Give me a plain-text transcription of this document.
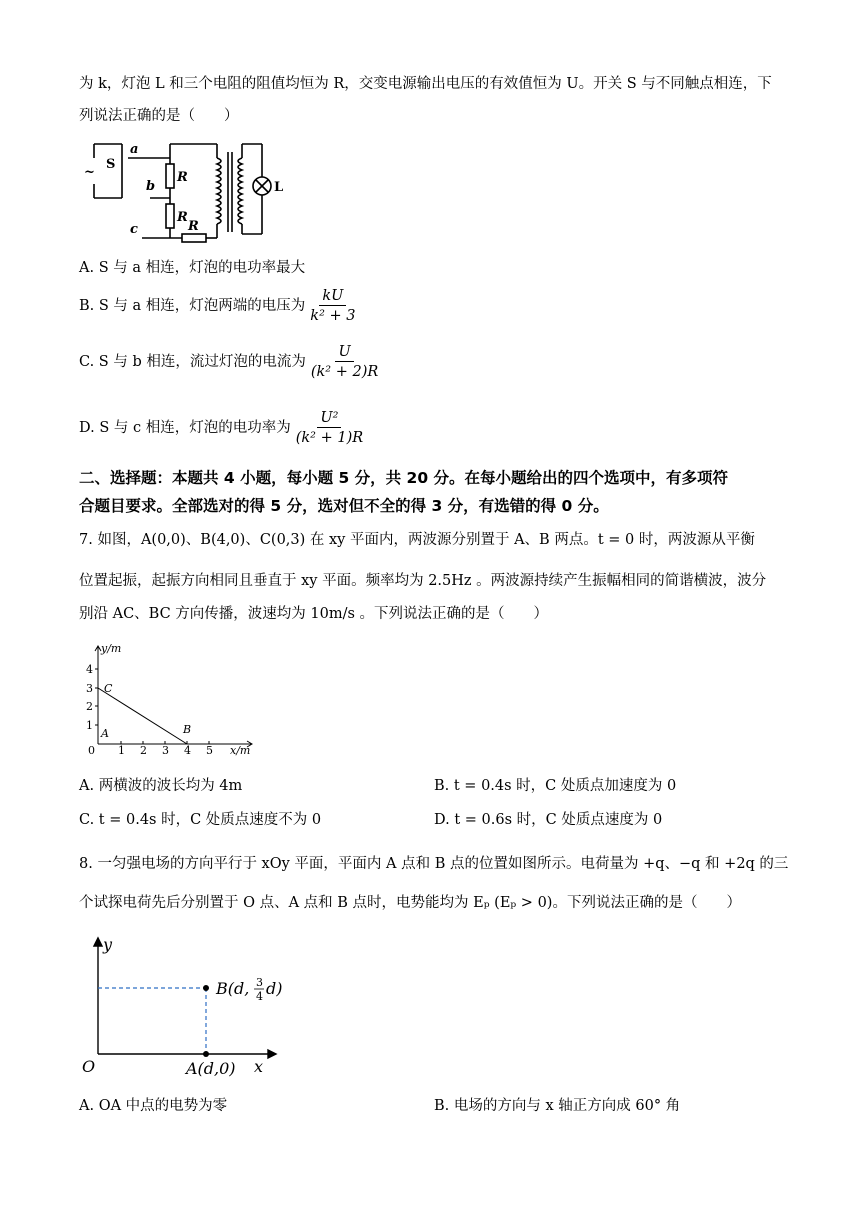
为 k，灯泡 L 和三个电阻的阻值均恒为 R，交变电源输出电压的有效值恒为 U。开关 S 与不同触点相连，下
列说法正确的是（　　）
~
S
a
b
c
R
R
R
L
A. S 与 a 相连，灯泡的电功率最大
B. S 与 a 相连，灯泡两端的电压为 $\frac{kU}{\text{k² + 3}}$
C. S 与 b 相连，流过灯泡的电流为 $\frac{U}{\text{(k² + 2)R}}$
D. S 与 c 相连，灯泡的电功率为 $\frac{\text{U²}}{\text{(k² + 1)R}}$
二、选择题：本题共 4 小题，每小题 5 分，共 20 分。在每小题给出的四个选项中，有多项符
合题目要求。全部选对的得 5 分，选对但不全的得 3 分，有选错的得 0 分。
7. 如图，A(0,0)、B(4,0)、C(0,3) 在 xy 平面内，两波源分别置于 A、B 两点。t = 0 时，两波源从平衡
位置起振，起振方向相同且垂直于 xy 平面。频率均为 2.5Hz 。两波源持续产生振幅相同的简谐横波，波分
别沿 AC、BC 方向传播，波速均为 10m/s 。下列说法正确的是（　　）
y/m
x/m
4
3
2
1
0 1 2 3 4 5
A	B
C
A. 两横波的波长均为 4m	B. t = 0.4s 时，C 处质点加速度为 0
C. t = 0.4s 时，C 处质点速度不为 0	D. t = 0.6s 时，C 处质点速度为 0
8. 一匀强电场的方向平行于 xOy 平面，平面内 A 点和 B 点的位置如图所示。电荷量为 +q、−q 和 +2q 的三
个试探电荷先后分别置于 O 点、A 点和 B 点时，电势能均为 Eₚ (Eₚ > 0)。下列说法正确的是（　　）
y
x
O
B(d, 3
4 d)
A(d,0)
A. OA 中点的电势为零	B. 电场的方向与 x 轴正方向成 60° 角
